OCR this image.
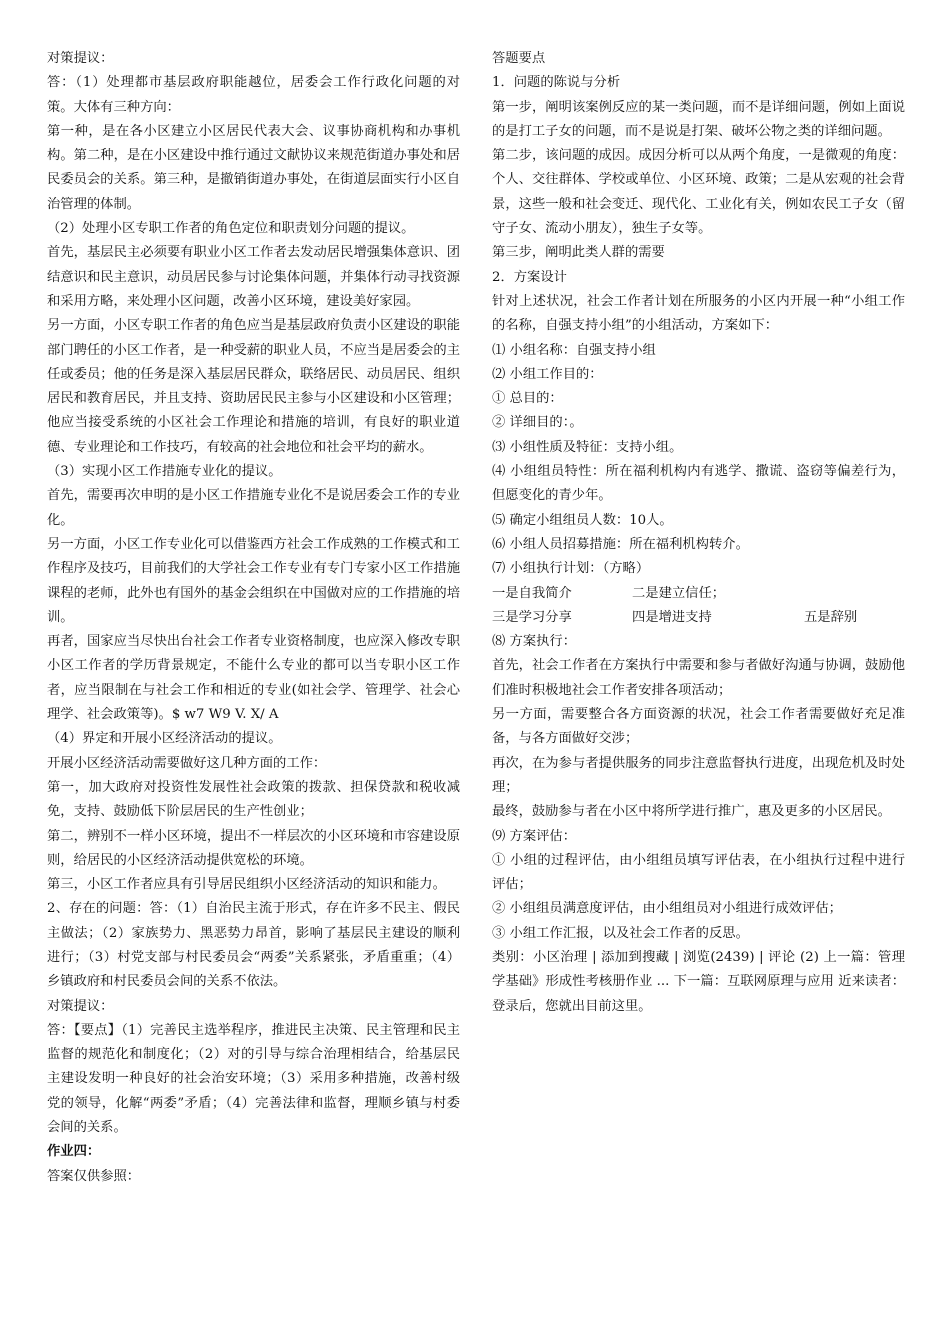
对策提议：

答：（1）处理都市基层政府职能越位，居委会工作行政化问题的对策。大体有三种方向：

第一种，是在各小区建立小区居民代表大会、议事协商机构和办事机构。第二种，是在小区建设中推行通过文献协议来规范街道办事处和居民委员会的关系。第三种，是撤销街道办事处，在街道层面实行小区自治管理的体制。

（2）处理小区专职工作者的角色定位和职责划分问题的提议。

首先，基层民主必须要有职业小区工作者去发动居民增强集体意识、团结意识和民主意识，动员居民参与讨论集体问题，并集体行动寻找资源和采用方略，来处理小区问题，改善小区环境，建设美好家园。

另一方面，小区专职工作者的角色应当是基层政府负责小区建设的职能部门聘任的小区工作者，是一种受薪的职业人员，不应当是居委会的主任或委员；他的任务是深入基层居民群众，联络居民、动员居民、组织居民和教育居民，并且支持、资助居民民主参与小区建设和小区管理；他应当接受系统的小区社会工作理论和措施的培训，有良好的职业道德、专业理论和工作技巧，有较高的社会地位和社会平均的薪水。

（3）实现小区工作措施专业化的提议。

首先，需要再次申明的是小区工作措施专业化不是说居委会工作的专业化。

另一方面，小区工作专业化可以借鉴西方社会工作成熟的工作模式和工作程序及技巧，目前我们的大学社会工作专业有专门专家小区工作措施课程的老师，此外也有国外的基金会组织在中国做对应的工作措施的培训。

再者，国家应当尽快出台社会工作者专业资格制度，也应深入修改专职小区工作者的学历背景规定，不能什么专业的都可以当专职小区工作者，应当限制在与社会工作和相近的专业(如社会学、管理学、社会心理学、社会政策等)。$ w7 W9 V. X/ A

（4）界定和开展小区经济活动的提议。

开展小区经济活动需要做好这几种方面的工作：

第一，加大政府对投资性发展性社会政策的拨款、担保贷款和税收减免，支持、鼓励低下阶层居民的生产性创业；

第二，辨别不一样小区环境，提出不一样层次的小区环境和市容建设原则，给居民的小区经济活动提供宽松的环境。

第三，小区工作者应具有引导居民组织小区经济活动的知识和能力。

2、存在的问题：答：（1）自治民主流于形式，存在许多不民主、假民主做法；（2）家族势力、黑恶势力昂首，影响了基层民主建设的顺利进行；（3）村党支部与村民委员会“两委”关系紧张，矛盾重重；（4）乡镇政府和村民委员会间的关系不依法。

对策提议：

答：【要点】（1）完善民主选举程序，推进民主决策、民主管理和民主监督的规范化和制度化；（2）对的引导与综合治理相结合，给基层民主建设发明一种良好的社会治安环境；（3）采用多种措施，改善村级党的领导，化解“两委”矛盾；（4）完善法律和监督，理顺乡镇与村委会间的关系。

作业四：

答案仅供参照：

答题要点

1．问题的陈说与分析

第一步，阐明该案例反应的某一类问题，而不是详细问题，例如上面说的是打工子女的问题，而不是说是打架、破坏公物之类的详细问题。

第二步，该问题的成因。成因分析可以从两个角度，一是微观的角度：个人、交往群体、学校或单位、小区环境、政策；二是从宏观的社会背景，这些一般和社会变迁、现代化、工业化有关，例如农民工子女（留守子女、流动小朋友），独生子女等。

第三步，阐明此类人群的需要

2．方案设计

针对上述状况，社会工作者计划在所服务的小区内开展一种“小组工作的名称，自强支持小组”的小组活动，方案如下：

⑴ 小组名称：自强支持小组

⑵ 小组工作目的：

① 总目的：

② 详细目的：。

⑶ 小组性质及特征：支持小组。

⑷ 小组组员特性：所在福利机构内有逃学、撒谎、盗窃等偏差行为，但愿变化的青少年。

⑸ 确定小组组员人数：10人。

⑹ 小组人员招募措施：所在福利机构转介。

⑺ 小组执行计划：（方略）

一是自我简介	二是建立信任；
三是学习分享	四是增进支持	五是辞别

⑻ 方案执行：

首先，社会工作者在方案执行中需要和参与者做好沟通与协调，鼓励他们准时积极地社会工作者安排各项活动；

另一方面，需要整合各方面资源的状况，社会工作者需要做好充足准备，与各方面做好交涉；

再次，在为参与者提供服务的同步注意监督执行进度，出现危机及时处理；

最终，鼓励参与者在小区中将所学进行推广，惠及更多的小区居民。

⑼ 方案评估：

① 小组的过程评估，由小组组员填写评估表，在小组执行过程中进行评估；

② 小组组员满意度评估，由小组组员对小组进行成效评估；

③ 小组工作汇报，以及社会工作者的反思。

类别：小区治理 | 添加到搜藏 | 浏览(2439) | 评论 (2) 上一篇：管理学基础》形成性考核册作业 ... 下一篇：互联网原理与应用 近来读者： 登录后，您就出目前这里。
